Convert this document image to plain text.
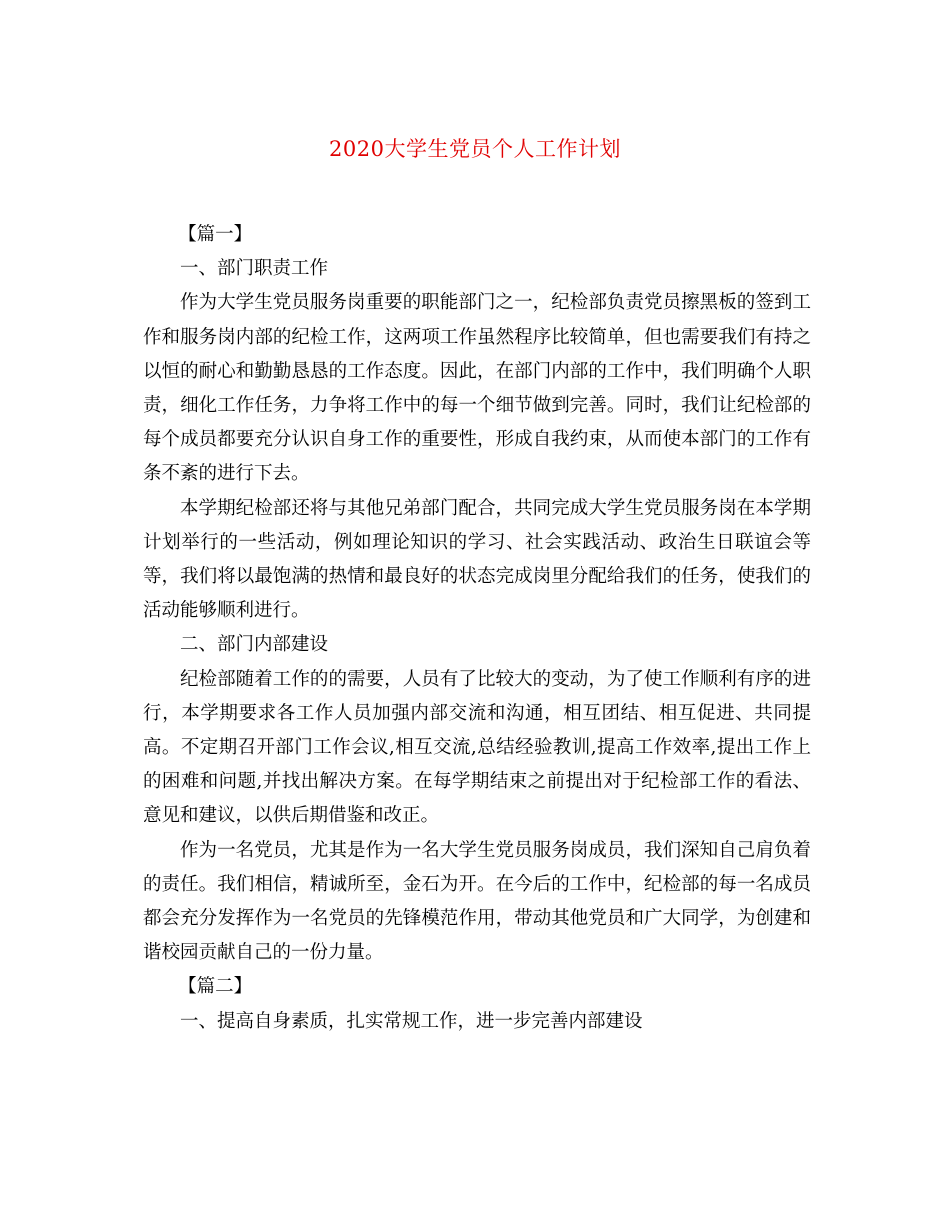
2020大学生党员个人工作计划

【篇一】

一、部门职责工作

作为大学生党员服务岗重要的职能部门之一，纪检部负责党员擦黑板的签到工作和服务岗内部的纪检工作，这两项工作虽然程序比较简单，但也需要我们有持之以恒的耐心和勤勤恳恳的工作态度。因此，在部门内部的工作中，我们明确个人职责，细化工作任务，力争将工作中的每一个细节做到完善。同时，我们让纪检部的每个成员都要充分认识自身工作的重要性，形成自我约束，从而使本部门的工作有条不紊的进行下去。

本学期纪检部还将与其他兄弟部门配合，共同完成大学生党员服务岗在本学期计划举行的一些活动，例如理论知识的学习、社会实践活动、政治生日联谊会等等，我们将以最饱满的热情和最良好的状态完成岗里分配给我们的任务，使我们的活动能够顺利进行。

二、部门内部建设

纪检部随着工作的的需要，人员有了比较大的变动，为了使工作顺利有序的进行，本学期要求各工作人员加强内部交流和沟通，相互团结、相互促进、共同提高。不定期召开部门工作会议,相互交流,总结经验教训,提高工作效率,提出工作上的困难和问题,并找出解决方案。在每学期结束之前提出对于纪检部工作的看法、意见和建议，以供后期借鉴和改正。

作为一名党员，尤其是作为一名大学生党员服务岗成员，我们深知自己肩负着的责任。我们相信，精诚所至，金石为开。在今后的工作中，纪检部的每一名成员都会充分发挥作为一名党员的先锋模范作用，带动其他党员和广大同学，为创建和谐校园贡献自己的一份力量。

【篇二】

一、提高自身素质，扎实常规工作，进一步完善内部建设
